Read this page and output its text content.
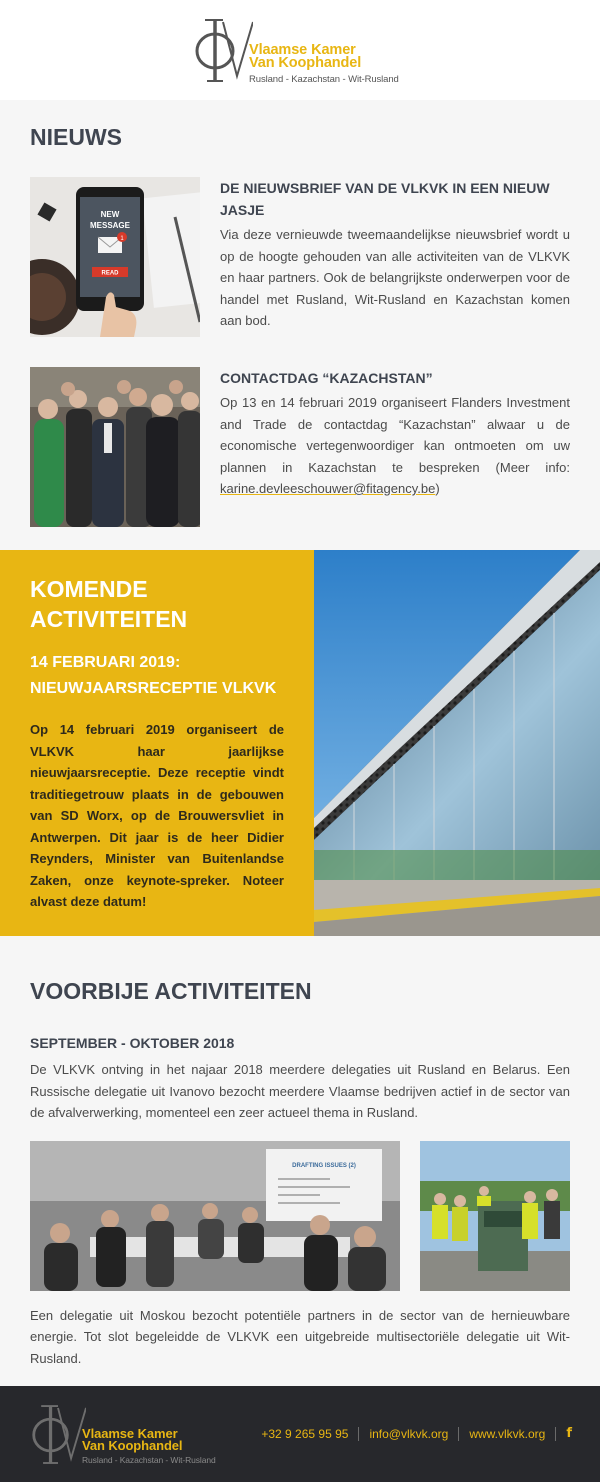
Vlaamse Kamer
Van Koophandel
Rusland - Kazachstan - Wit-Rusland
NIEUWS
NEW
MESSAGE
1
READ
DE NIEUWSBRIEF VAN DE VLKVK IN EEN NIEUW JASJE
Via deze vernieuwde tweemaandelijkse nieuwsbrief wordt u op de hoogte gehouden van alle activiteiten van de VLKVK en haar partners. Ook de belangrijkste onderwerpen voor de handel met Rusland, Wit-Rusland en Kazachstan komen aan bod.
CONTACTDAG “KAZACHSTAN”
Op 13 en 14 februari 2019 organiseert Flanders Investment and Trade de contactdag “Kazachstan” alwaar u de economische vertegenwoordiger kan ontmoeten om uw plannen in Kazachstan te bespreken (Meer info: karine.devleeschouwer@fitagency.be)
KOMENDE ACTIVITEITEN
14 FEBRUARI 2019: NIEUWJAARSRECEPTIE VLKVK
Op 14 februari 2019 organiseert de VLKVK haar jaarlijkse nieuwjaarsreceptie. Deze receptie vindt traditiegetrouw plaats in de gebouwen van SD Worx, op de Brouwersvliet in Antwerpen. Dit jaar is de heer Didier Reynders, Minister van Buitenlandse Zaken, onze keynote-spreker. Noteer alvast deze datum!
VOORBIJE ACTIVITEITEN
SEPTEMBER - OKTOBER 2018
De VLKVK ontving in het najaar 2018 meerdere delegaties uit Rusland en Belarus. Een Russische delegatie uit Ivanovo bezocht meerdere Vlaamse bedrijven actief in de sector van de afvalverwerking, momenteel een zeer actueel thema in Rusland.
DRAFTING ISSUES (2)
Een delegatie uit Moskou bezocht potentiële partners in de sector van de hernieuwbare energie. Tot slot begeleidde de VLKVK een uitgebreide multisectoriële delegatie uit Wit-Rusland.
Vlaamse Kamer
Van Koophandel
Rusland - Kazachstan - Wit-Rusland
+32 9 265 95 95	info@vlkvk.org	www.vlkvk.org	f
